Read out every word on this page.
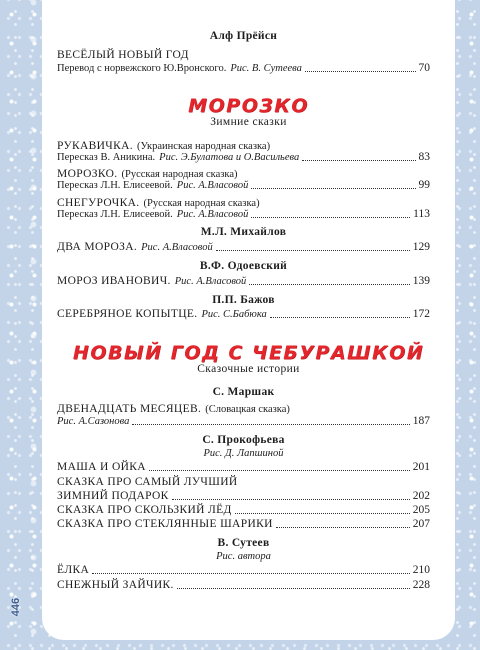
446
Алф Прёйсн
ВЕСЁЛЫЙ НОВЫЙ ГОД
Перевод с норвежского Ю.Вронского.
Рис. В. Сутеева	70
МОРОЗКО
Зимние сказки
РУКАВИЧКА. (Украинская народная сказка)
Пересказ В. Аникина.
Рис. Э.Булатова и О.Васильева	83
МОРОЗКО. (Русская народная сказка)
Пересказ Л.Н. Елисеевой.
Рис. А.Власовой	99
СНЕГУРОЧКА. (Русская народная сказка)
Пересказ Л.Н. Елисеевой.
Рис. А.Власовой	113
М.Л. Михайлов
ДВА МОРОЗА.
Рис. А.Власовой	129
В.Ф. Одоевский
МОРОЗ ИВАНОВИЧ.
Рис. А.Власовой	139
П.П. Бажов
СЕРЕБРЯНОЕ КОПЫТЦЕ.
Рис. С.Бабюка	172
НОВЫЙ ГОД С ЧЕБУРАШКОЙ
Сказочные истории
С. Маршак
ДВЕНАДЦАТЬ МЕСЯЦЕВ. (Словацкая сказка)
Рис. А.Сазонова	187
С. Прокофьева
Рис. Д. Лапшиной
МАША И ОЙКА	201
СКАЗКА ПРО САМЫЙ ЛУЧШИЙ
ЗИМНИЙ ПОДАРОК	202
СКАЗКА ПРО СКОЛЬЗКИЙ ЛЁД	205
СКАЗКА ПРО СТЕКЛЯННЫЕ ШАРИКИ	207
В. Сутеев
Рис. автора
ЁЛКА	210
СНЕЖНЫЙ ЗАЙЧИК.	228
